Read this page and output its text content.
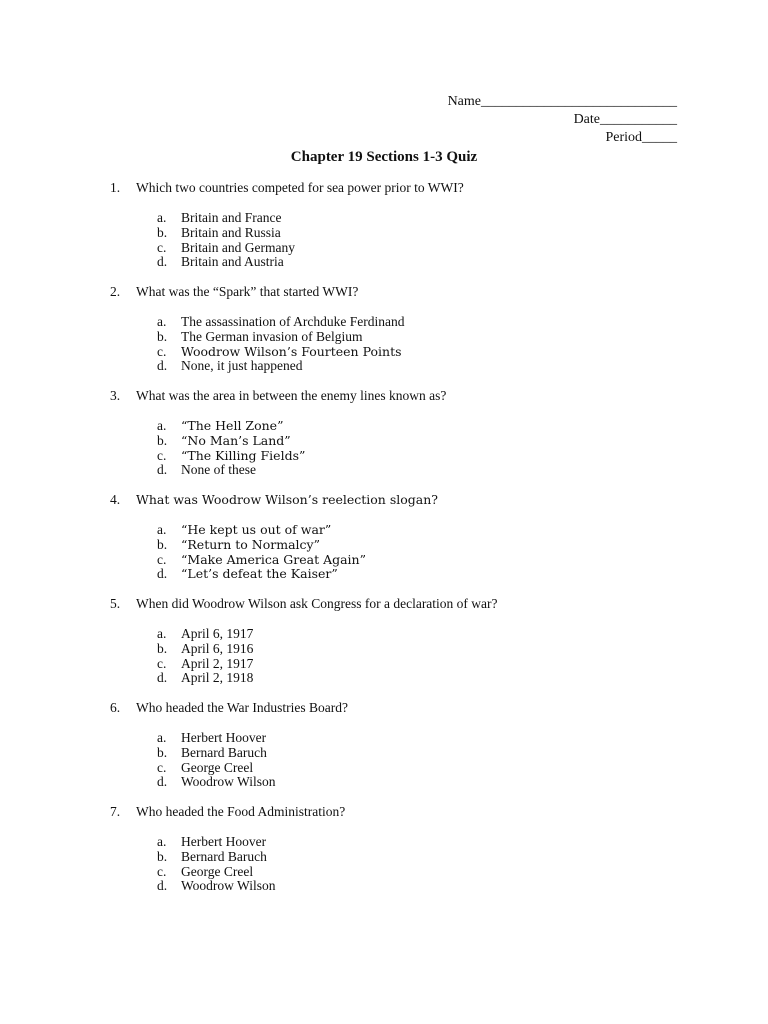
Name____________________________
Date___________
Period_____
Chapter 19 Sections 1-3 Quiz
1. Which two countries competed for sea power prior to WWI?
a. Britain and France
b. Britain and Russia
c. Britain and Germany
d. Britain and Austria
2. What was the “Spark” that started WWI?
a. The assassination of Archduke Ferdinand
b. The German invasion of Belgium
c. Woodrow Wilson’s Fourteen Points
d. None, it just happened
3. What was the area in between the enemy lines known as?
a. “The Hell Zone”
b. “No Man’s Land”
c. “The Killing Fields”
d. None of these
4. What was Woodrow Wilson’s reelection slogan?
a. “He kept us out of war”
b. “Return to Normalcy”
c. “Make America Great Again”
d. “Let’s defeat the Kaiser”
5. When did Woodrow Wilson ask Congress for a declaration of war?
a. April 6, 1917
b. April 6, 1916
c. April 2, 1917
d. April 2, 1918
6. Who headed the War Industries Board?
a. Herbert Hoover
b. Bernard Baruch
c. George Creel
d. Woodrow Wilson
7. Who headed the Food Administration?
a. Herbert Hoover
b. Bernard Baruch
c. George Creel
d. Woodrow Wilson
